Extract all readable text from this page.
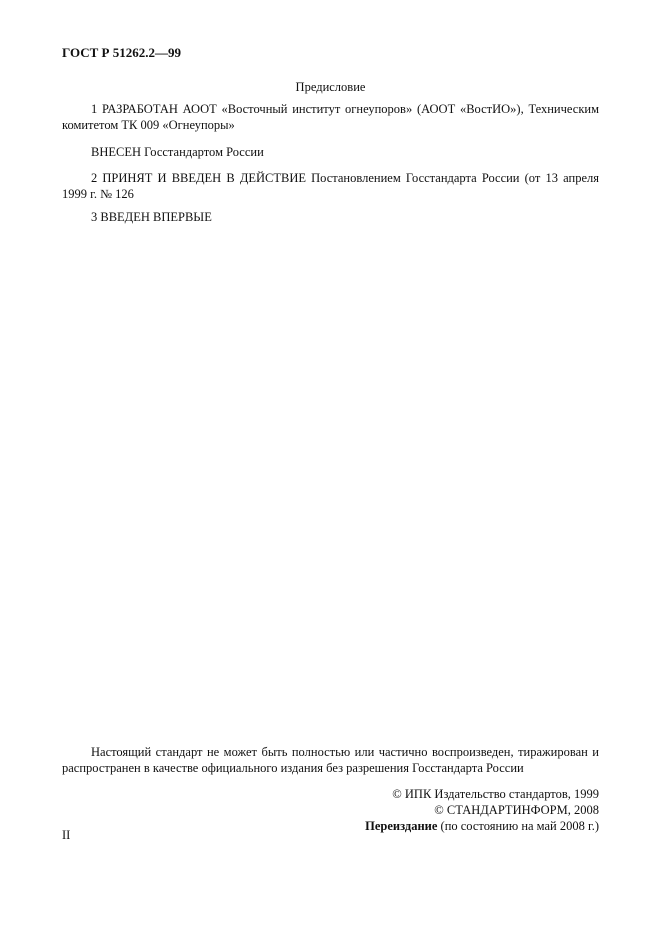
ГОСТ Р 51262.2—99
Предисловие
1 РАЗРАБОТАН АООТ «Восточный институт огнеупоров» (АООТ «ВостИО»), Техническим комитетом ТК 009 «Огнеупоры»
ВНЕСЕН Госстандартом России
2 ПРИНЯТ И ВВЕДЕН В ДЕЙСТВИЕ Постановлением Госстандарта России (от 13 апреля 1999 г. № 126
3 ВВЕДЕН ВПЕРВЫЕ
Настоящий стандарт не может быть полностью или частично воспроизведен, тиражирован и распространен в качестве официального издания без разрешения Госстандарта России
© ИПК Издательство стандартов, 1999
© СТАНДАРТИНФОРМ, 2008
Переиздание (по состоянию на май 2008 г.)
II
